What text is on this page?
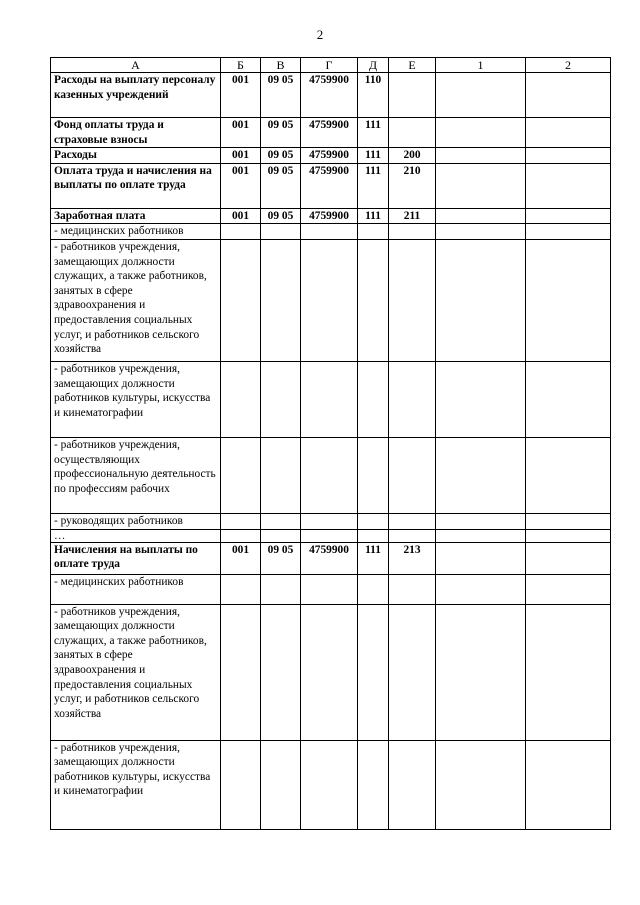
2
А	Б	В	Г	Д	Е	1	2
Расходы на выплату персоналу казенных учреждений	001	09 05	4759900	110			
Фонд оплаты труда и страховые взносы	001	09 05	4759900	111			
Расходы	001	09 05	4759900	111	200		
Оплата труда и начисления на выплаты по оплате труда	001	09 05	4759900	111	210		
Заработная плата	001	09 05	4759900	111	211		
- медицинских работников							
- работников учреждения, замещающих должности служащих, а также работников, занятых в сфере здравоохранения и предоставления социальных услуг, и работников сельского хозяйства							
- работников учреждения, замещающих должности работников культуры, искусства и кинематографии							
- работников учреждения, осуществляющих профессиональную деятельность по профессиям рабочих							
- руководящих работников							
…							
Начисления на выплаты по оплате труда	001	09 05	4759900	111	213		
- медицинских работников							
- работников учреждения, замещающих должности служащих, а также работников, занятых в сфере здравоохранения и предоставления социальных услуг, и работников сельского хозяйства							
- работников учреждения, замещающих должности работников культуры, искусства и кинематографии							
